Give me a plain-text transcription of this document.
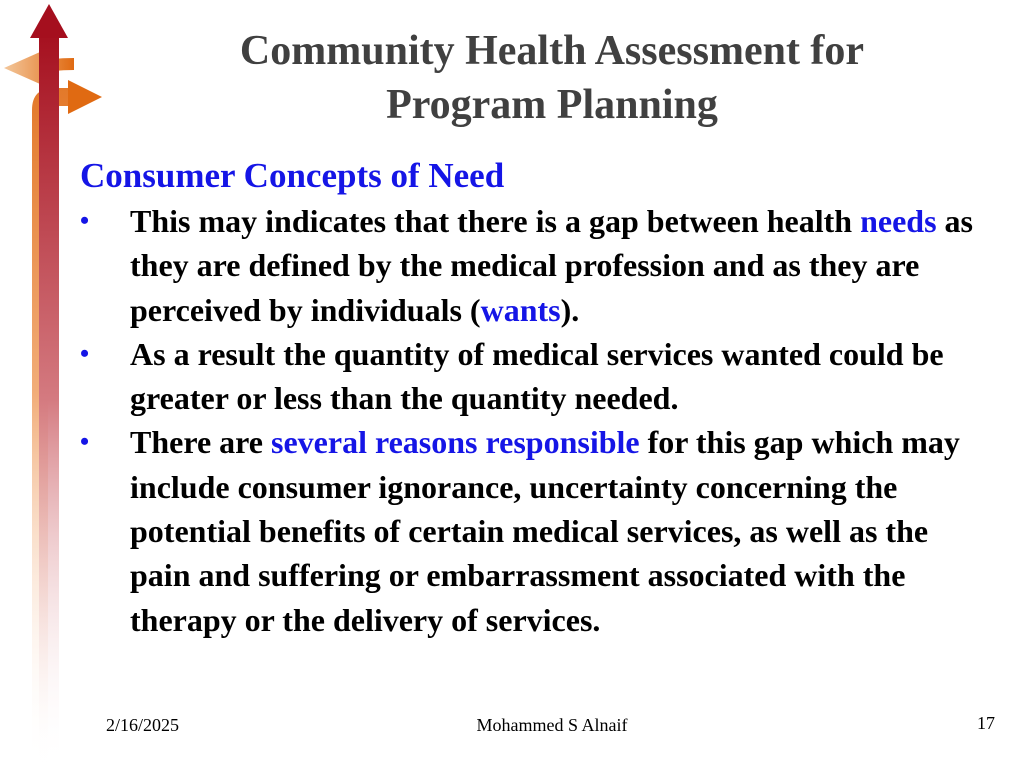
Community Health Assessment for
Program Planning
Consumer Concepts of Need
•	This may indicates that there is a gap between health needs as they are defined by the medical profession and as they are perceived by individuals (wants).
•	As a result the quantity of medical services wanted could be greater or less than the quantity needed.
•	There are several reasons responsible for this gap which may include consumer ignorance, uncertainty concerning the potential benefits of certain medical services, as well as the pain and suffering or embarrassment associated with the therapy or the delivery of services.
2/16/2025	Mohammed S Alnaif	17
